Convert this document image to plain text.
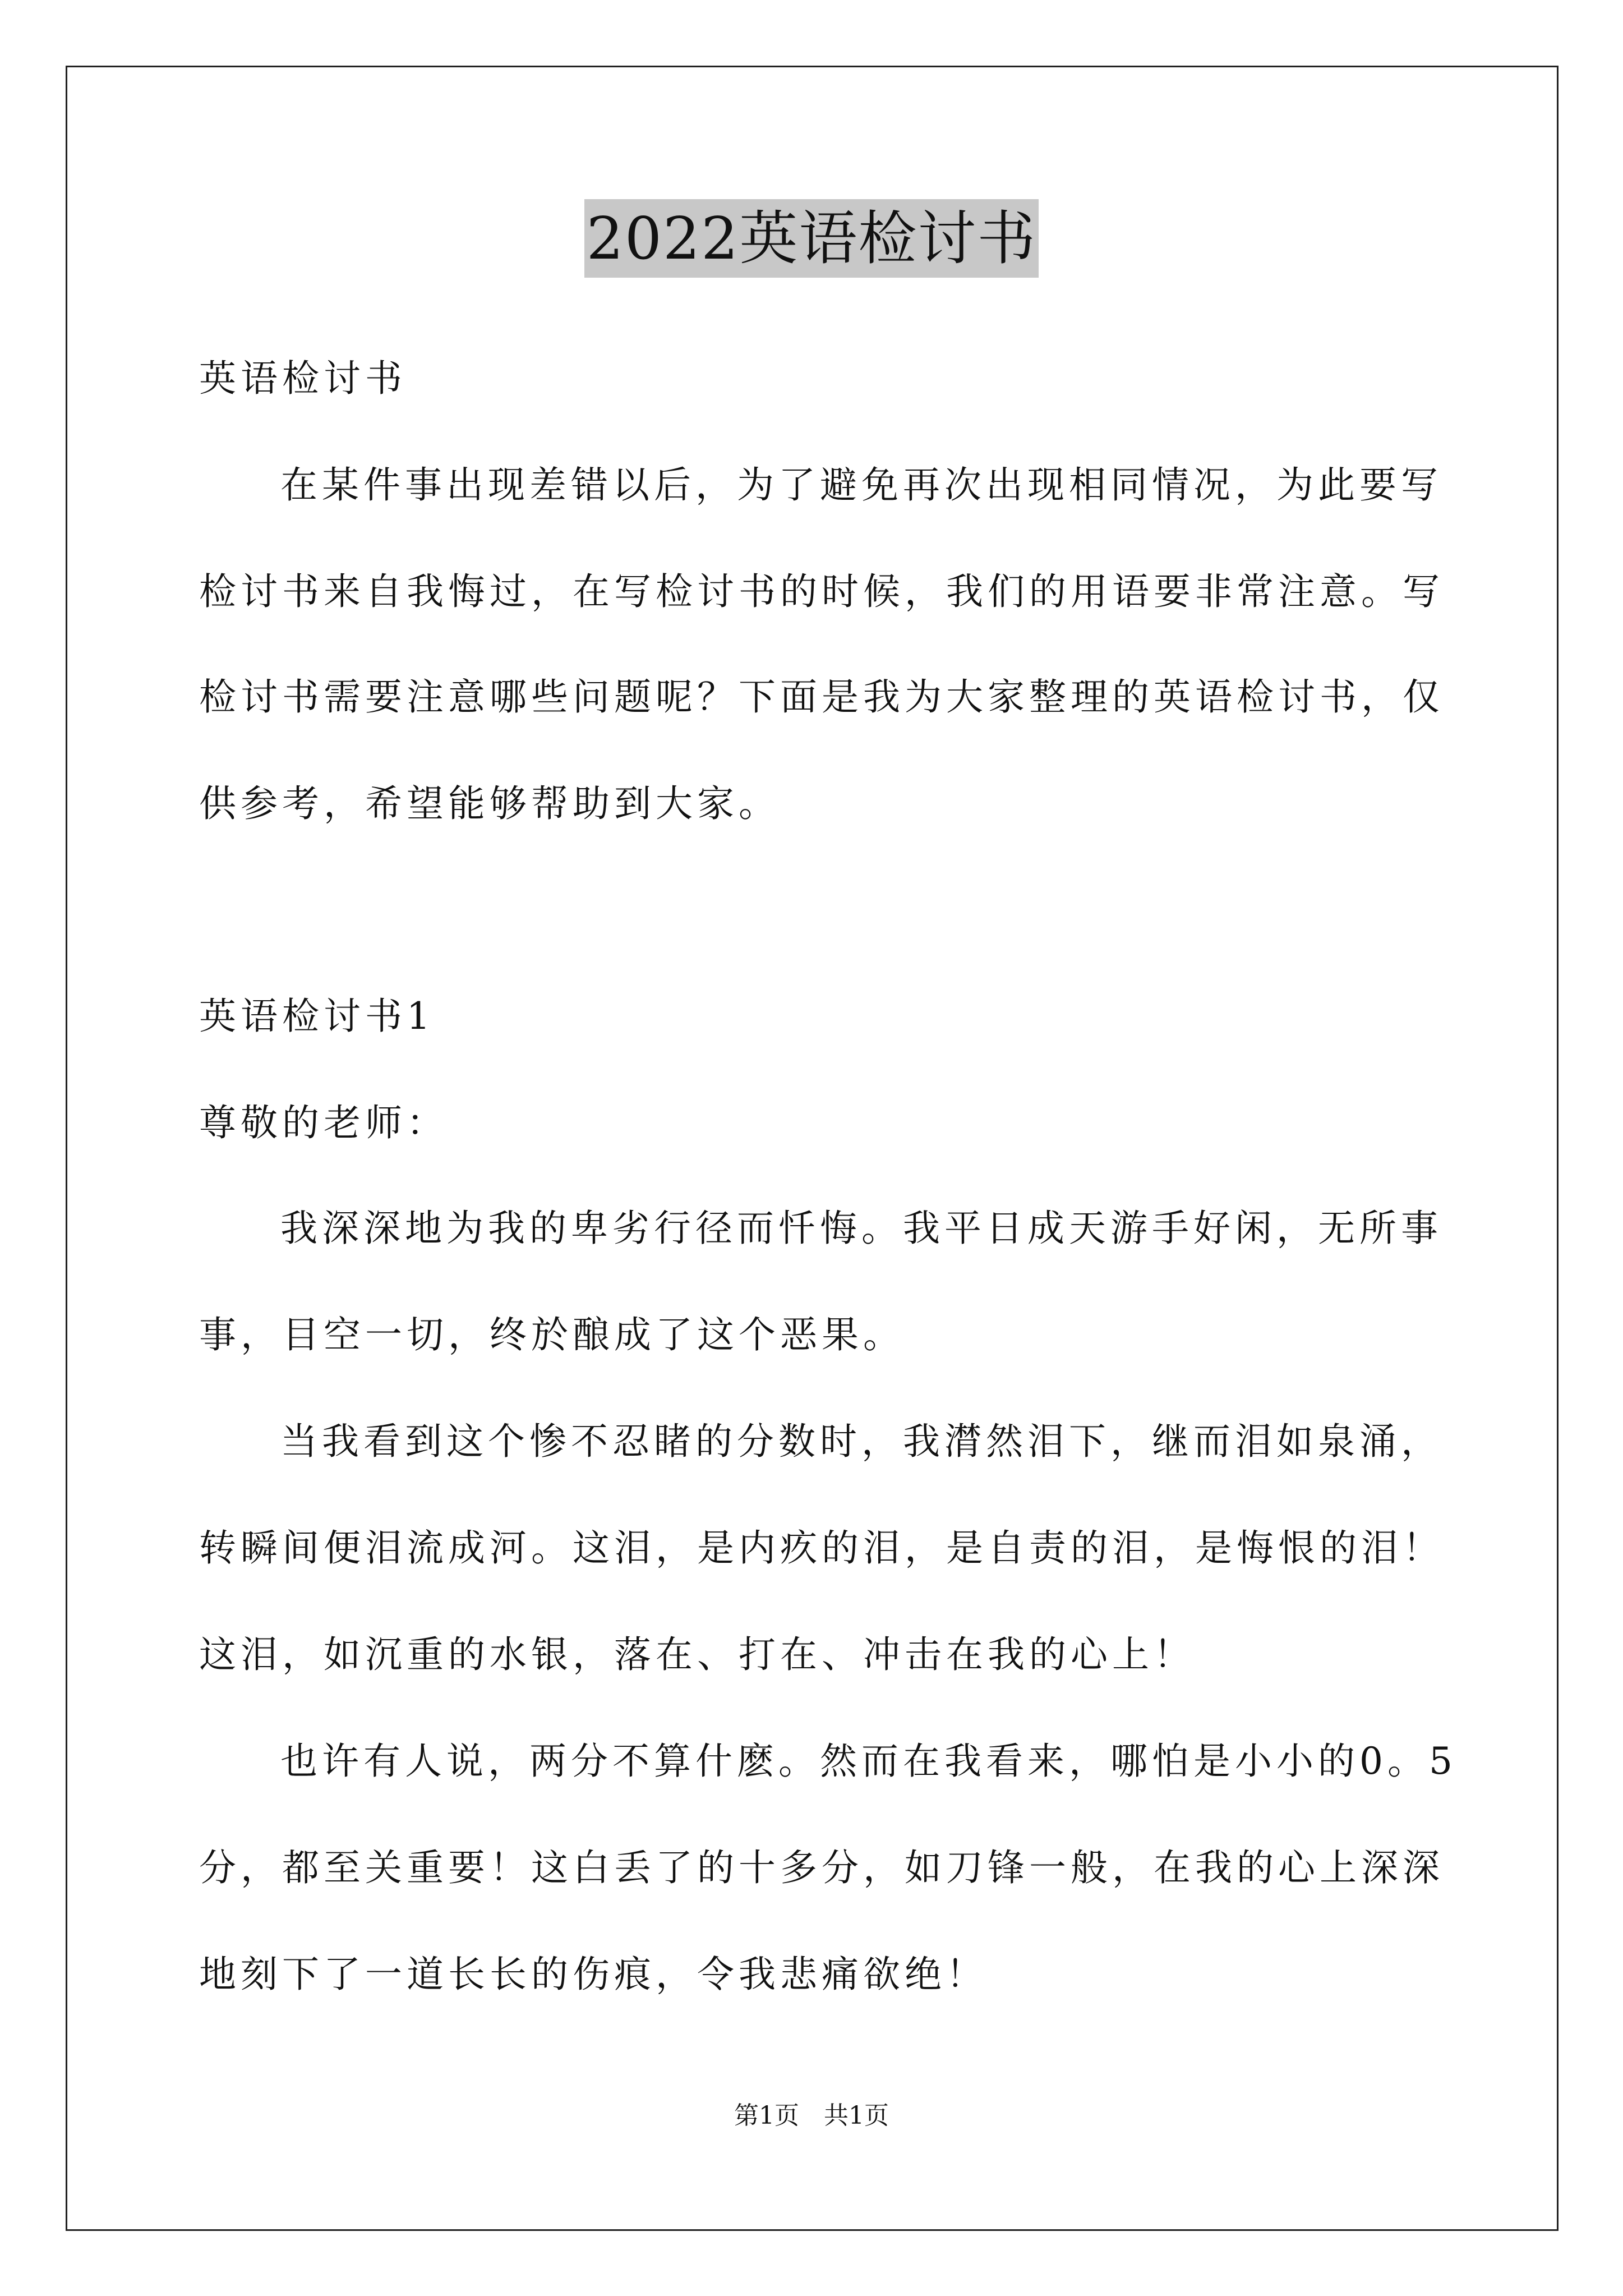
2022英语检讨书
英语检讨书
在某件事出现差错以后，为了避免再次出现相同情况，为此要写
检讨书来自我悔过，在写检讨书的时候，我们的用语要非常注意。写
检讨书需要注意哪些问题呢？下面是我为大家整理的英语检讨书，仅
供参考，希望能够帮助到大家。
英语检讨书1
尊敬的老师：
我深深地为我的卑劣行径而忏悔。我平日成天游手好闲，无所事
事，目空一切，终於酿成了这个恶果。
当我看到这个惨不忍睹的分数时，我潸然泪下，继而泪如泉涌，
转瞬间便泪流成河。这泪，是内疚的泪，是自责的泪，是悔恨的泪！
这泪，如沉重的水银，落在、打在、冲击在我的心上！
也许有人说，两分不算什麽。然而在我看来，哪怕是小小的0。5
分，都至关重要！这白丢了的十多分，如刀锋一般，在我的心上深深
地刻下了一道长长的伤痕，令我悲痛欲绝！
第1页　共1页
